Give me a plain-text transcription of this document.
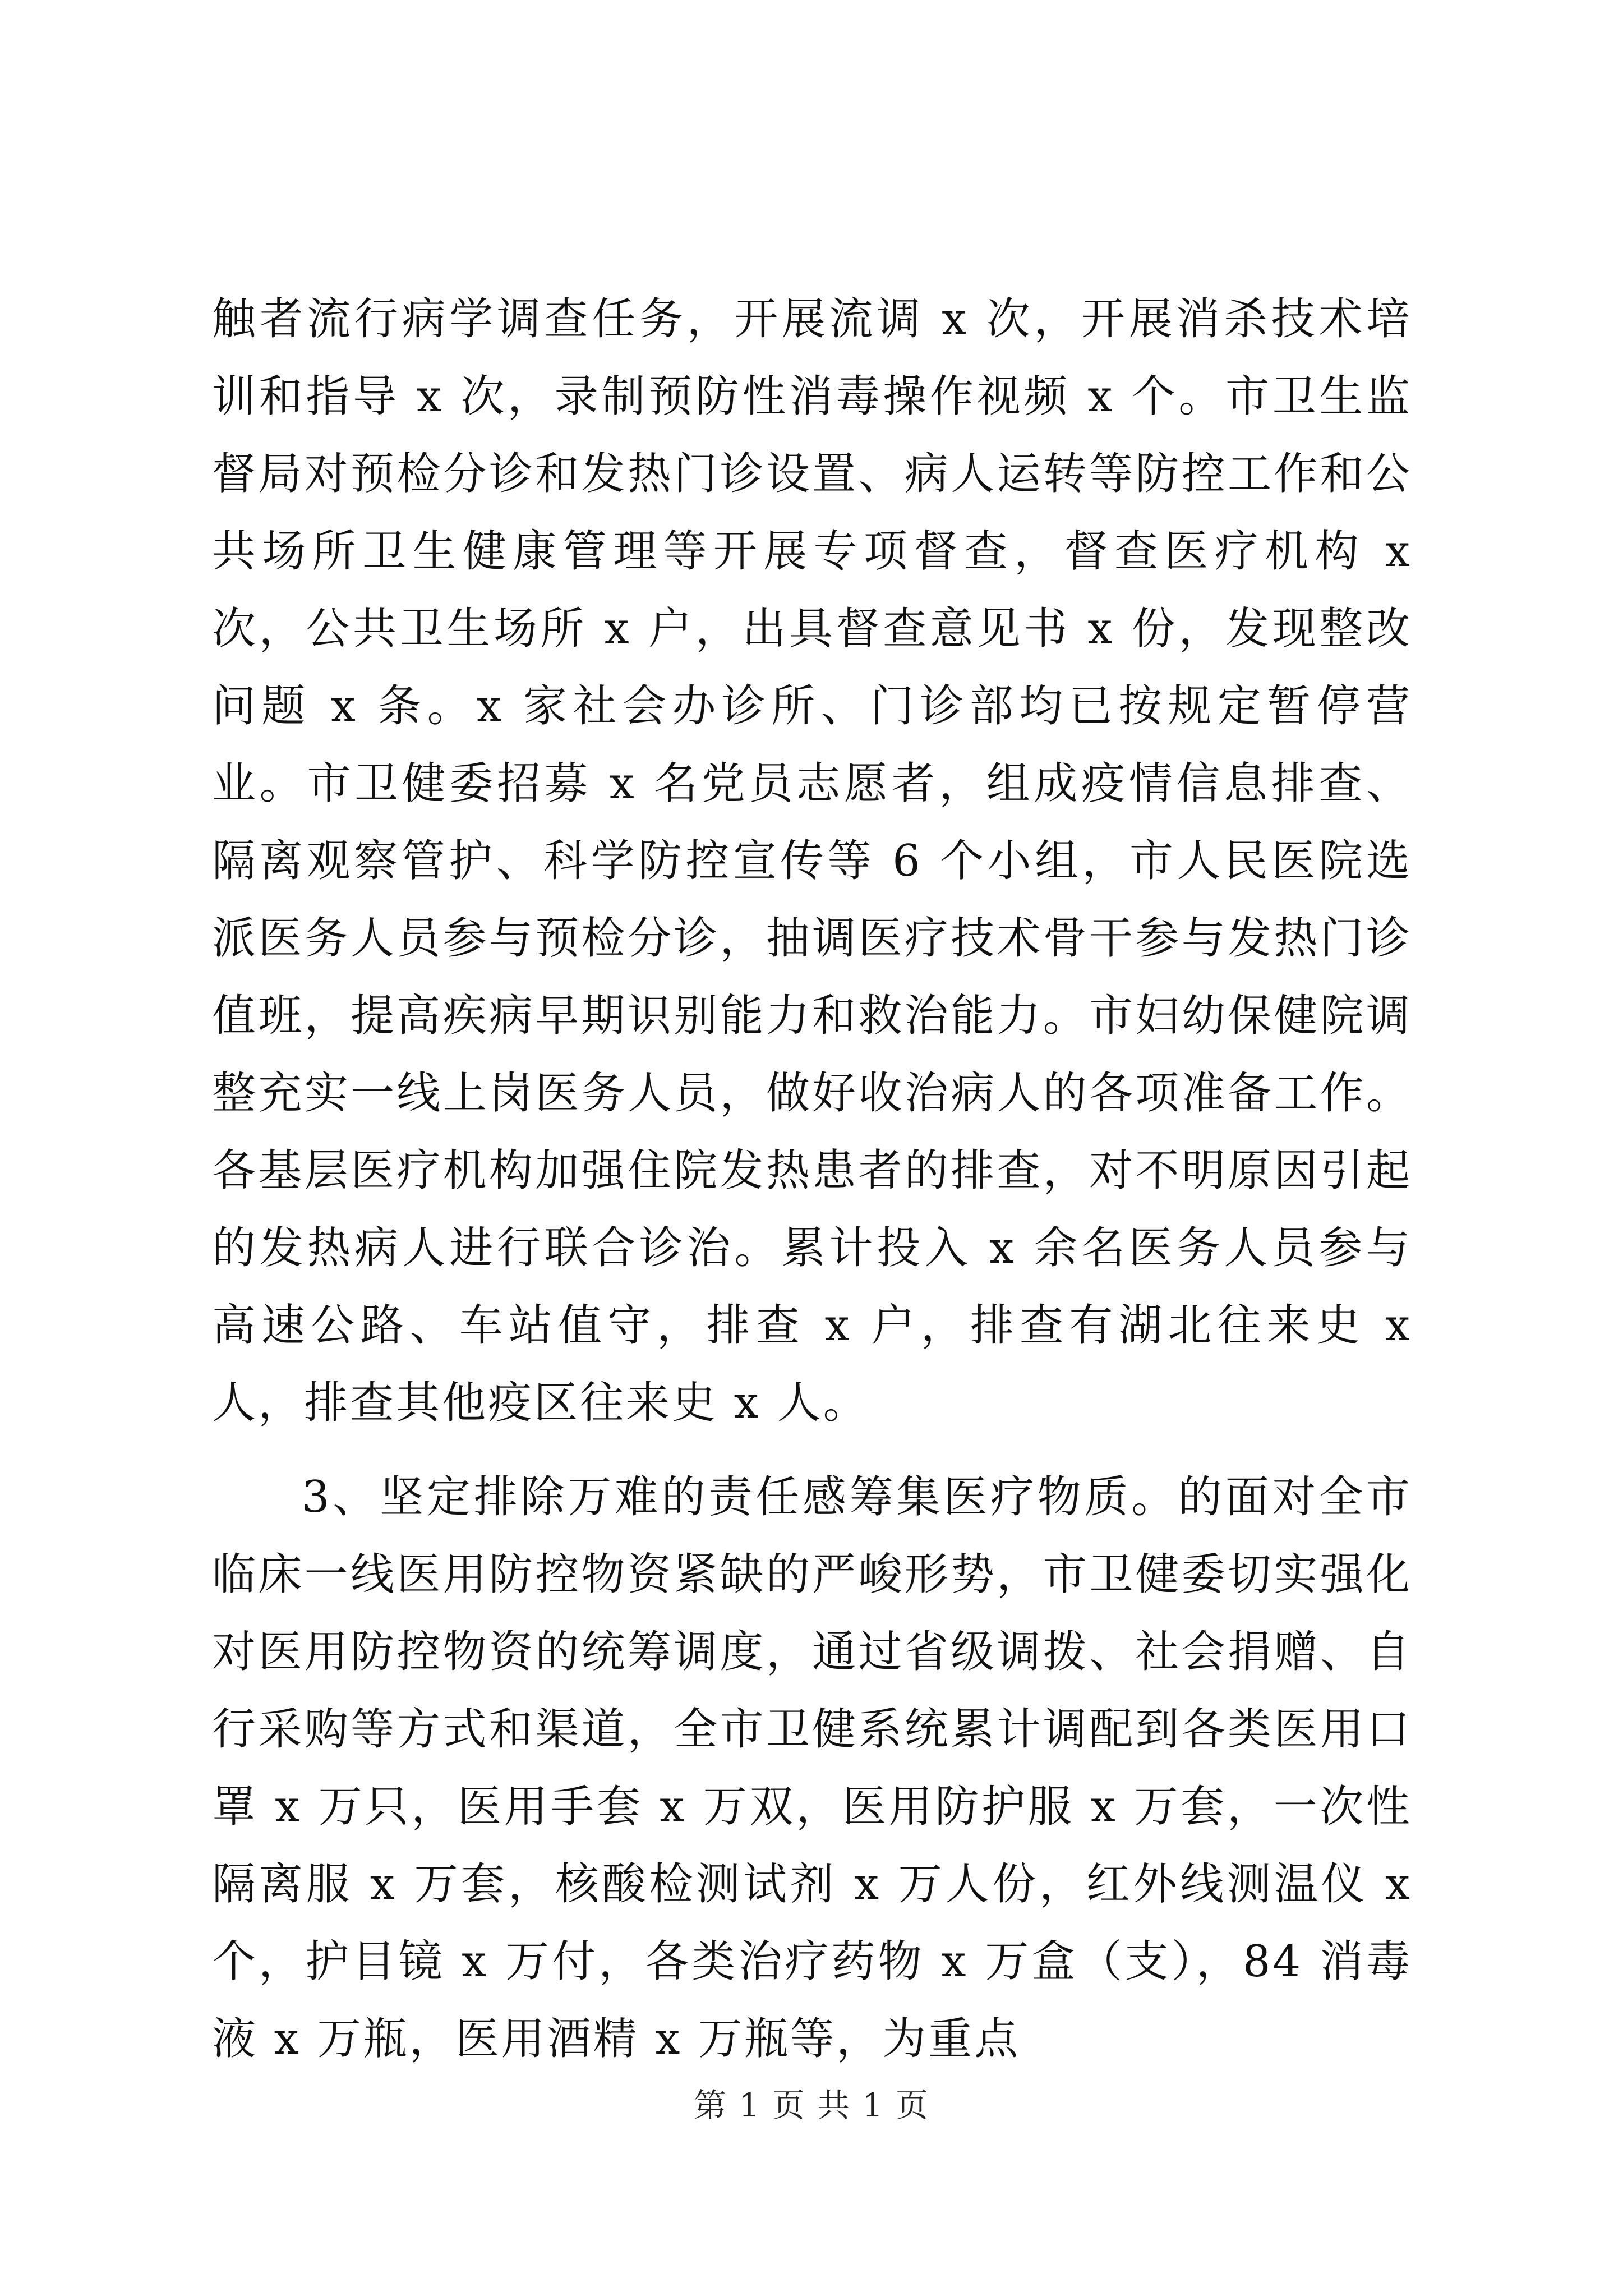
触者流行病学调查任务，开展流调 x 次，开展消杀技术培训和指导 x 次，录制预防性消毒操作视频 x 个。市卫生监督局对预检分诊和发热门诊设置、病人运转等防控工作和公共场所卫生健康管理等开展专项督查，督查医疗机构 x 次，公共卫生场所 x 户，出具督查意见书 x 份，发现整改问题 x 条。x 家社会办诊所、门诊部均已按规定暂停营业。市卫健委招募 x 名党员志愿者，组成疫情信息排查、隔离观察管护、科学防控宣传等 6 个小组，市人民医院选派医务人员参与预检分诊，抽调医疗技术骨干参与发热门诊值班，提高疾病早期识别能力和救治能力。市妇幼保健院调整充实一线上岗医务人员，做好收治病人的各项准备工作。各基层医疗机构加强住院发热患者的排查，对不明原因引起的发热病人进行联合诊治。累计投入 x 余名医务人员参与高速公路、车站值守，排查 x 户，排查有湖北往来史 x 人，排查其他疫区往来史 x 人。

3、坚定排除万难的责任感筹集医疗物质。的面对全市临床一线医用防控物资紧缺的严峻形势，市卫健委切实强化对医用防控物资的统筹调度，通过省级调拨、社会捐赠、自行采购等方式和渠道，全市卫健系统累计调配到各类医用口罩 x 万只，医用手套 x 万双，医用防护服 x 万套，一次性隔离服 x 万套，核酸检测试剂 x 万人份，红外线测温仪 x 个，护目镜 x 万付，各类治疗药物 x 万盒（支），84 消毒液 x 万瓶，医用酒精 x 万瓶等，为重点

第 1 页 共 1 页
